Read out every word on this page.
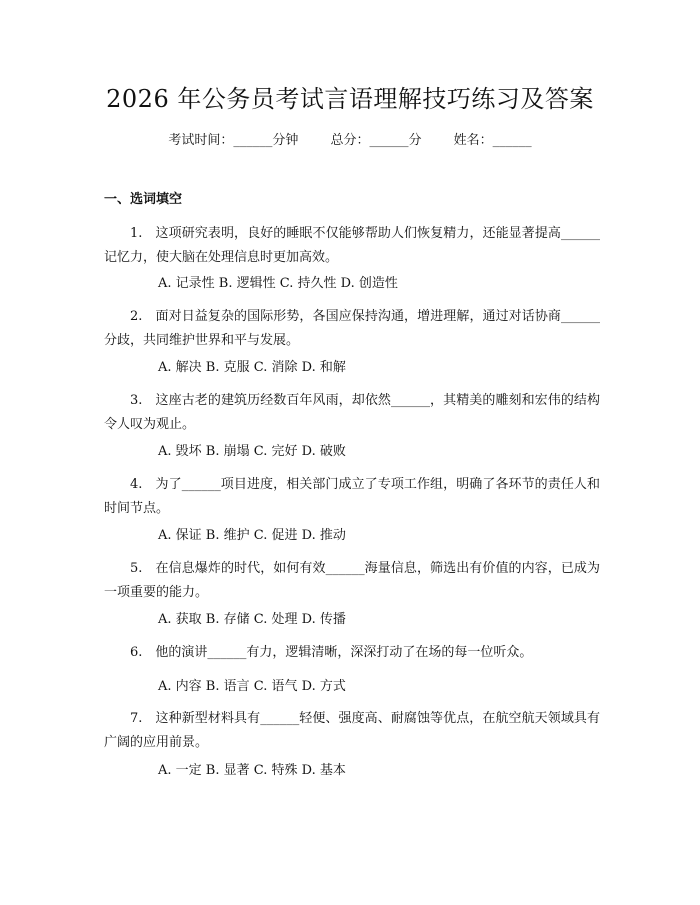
2026 年公务员考试言语理解技巧练习及答案
考试时间：______分钟 总分：______分 姓名：______
一、选词填空
1.　这项研究表明，良好的睡眠不仅能够帮助人们恢复精力，还能显著提高______记忆力，使大脑在处理信息时更加高效。
A. 记录性 B. 逻辑性 C. 持久性 D. 创造性
2.　面对日益复杂的国际形势，各国应保持沟通，增进理解，通过对话协商______分歧，共同维护世界和平与发展。
A. 解决 B. 克服 C. 消除 D. 和解
3.　这座古老的建筑历经数百年风雨，却依然______，其精美的雕刻和宏伟的结构令人叹为观止。
A. 毁坏 B. 崩塌 C. 完好 D. 破败
4.　为了______项目进度，相关部门成立了专项工作组，明确了各环节的责任人和时间节点。
A. 保证 B. 维护 C. 促进 D. 推动
5.　在信息爆炸的时代，如何有效______海量信息，筛选出有价值的内容，已成为一项重要的能力。
A. 获取 B. 存储 C. 处理 D. 传播
6.　他的演讲______有力，逻辑清晰，深深打动了在场的每一位听众。
A. 内容 B. 语言 C. 语气 D. 方式
7.　这种新型材料具有______轻便、强度高、耐腐蚀等优点，在航空航天领域具有广阔的应用前景。
A. 一定 B. 显著 C. 特殊 D. 基本
